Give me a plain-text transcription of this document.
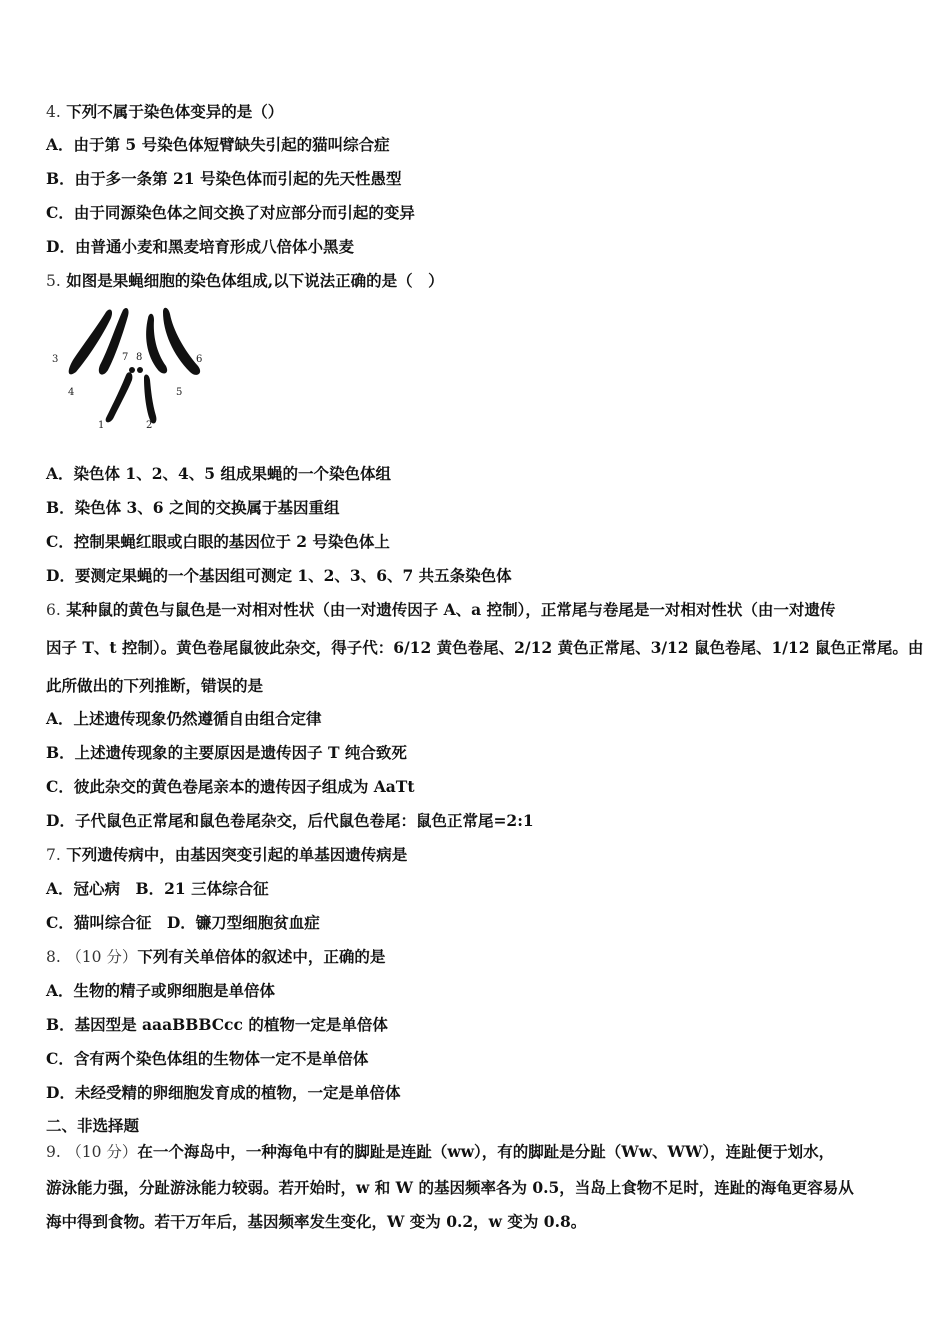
4. 下列不属于染色体变异的是（）
A．由于第 5 号染色体短臂缺失引起的猫叫综合症
B．由于多一条第 21 号染色体而引起的先天性愚型
C．由于同源染色体之间交换了对应部分而引起的变异
D．由普通小麦和黑麦培育形成八倍体小黑麦
5. 如图是果蝇细胞的染色体组成,以下说法正确的是（　）
2
1
3
4	5
6
7 8
A．染色体 1、2、4、5 组成果蝇的一个染色体组
B．染色体 3、6 之间的交换属于基因重组
C．控制果蝇红眼或白眼的基因位于 2 号染色体上
D．要测定果蝇的一个基因组可测定 1、2、3、6、7 共五条染色体
6. 某种鼠的黄色与鼠色是一对相对性状（由一对遗传因子 A、a 控制），正常尾与卷尾是一对相对性状（由一对遗传
因子 T、t 控制）。黄色卷尾鼠彼此杂交，得子代：6/12 黄色卷尾、2/12 黄色正常尾、3/12 鼠色卷尾、1/12 鼠色正常尾。由
此所做出的下列推断，错误的是
A．上述遗传现象仍然遵循自由组合定律
B．上述遗传现象的主要原因是遗传因子 T 纯合致死
C．彼此杂交的黄色卷尾亲本的遗传因子组成为 AaTt
D．子代鼠色正常尾和鼠色卷尾杂交，后代鼠色卷尾：鼠色正常尾=2:1
7. 下列遗传病中，由基因突变引起的单基因遗传病是
A．冠心病　B．21 三体综合征
C．猫叫综合征　D．镰刀型细胞贫血症
8. （10 分）下列有关单倍体的叙述中，正确的是
A．生物的精子或卵细胞是单倍体
B．基因型是 aaaBBBCcc 的植物一定是单倍体
C．含有两个染色体组的生物体一定不是单倍体
D．未经受精的卵细胞发育成的植物，一定是单倍体
二、非选择题
9. （10 分）在一个海岛中，一种海龟中有的脚趾是连趾（ww），有的脚趾是分趾（Ww、WW），连趾便于划水，
游泳能力强，分趾游泳能力较弱。若开始时，w 和 W 的基因频率各为 0.5，当岛上食物不足时，连趾的海龟更容易从
海中得到食物。若干万年后，基因频率发生变化，W 变为 0.2，w 变为 0.8。
